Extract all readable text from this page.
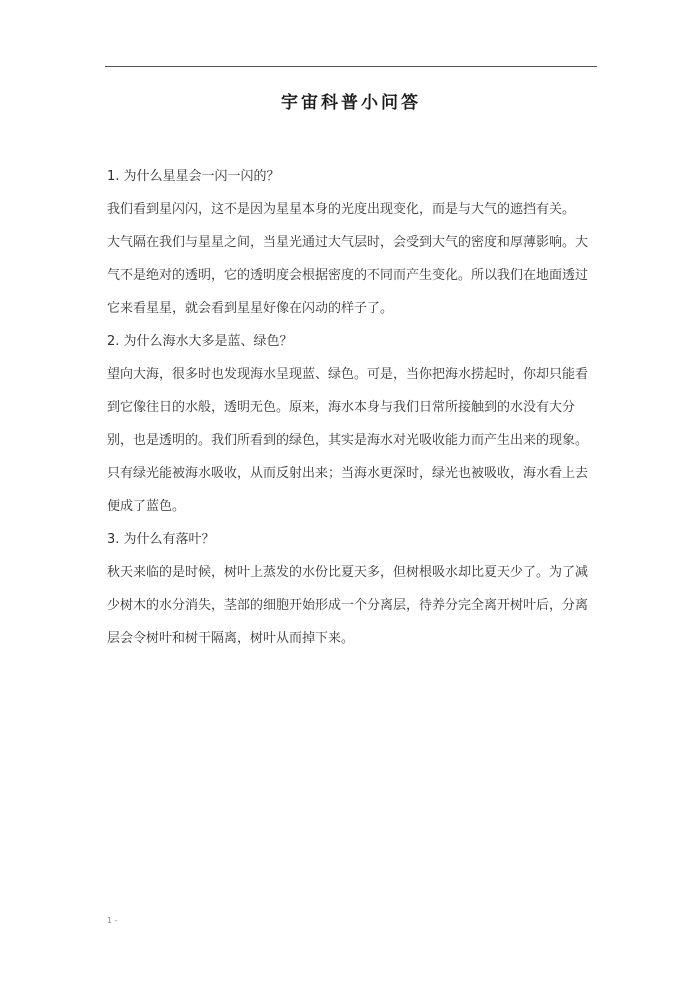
宇宙科普小问答

1. 为什么星星会一闪一闪的？

我们看到星闪闪，这不是因为星星本身的光度出现变化，而是与大气的遮挡有关。

大气隔在我们与星星之间，当星光通过大气层时，会受到大气的密度和厚薄影响。大气不是绝对的透明，它的透明度会根据密度的不同而产生变化。所以我们在地面透过它来看星星，就会看到星星好像在闪动的样子了。

2. 为什么海水大多是蓝、绿色？

望向大海，很多时也发现海水呈现蓝、绿色。可是，当你把海水捞起时，你却只能看到它像往日的水般，透明无色。原来，海水本身与我们日常所接触到的水没有大分别，也是透明的。我们所看到的绿色，其实是海水对光吸收能力而产生出来的现象。只有绿光能被海水吸收，从而反射出来；当海水更深时，绿光也被吸收，海水看上去便成了蓝色。

3. 为什么有落叶？

秋天来临的是时候，树叶上蒸发的水份比夏天多，但树根吸水却比夏天少了。为了减少树木的水分消失，茎部的细胞开始形成一个分离层，待养分完全离开树叶后，分离层会令树叶和树干隔离，树叶从而掉下来。

1 -
